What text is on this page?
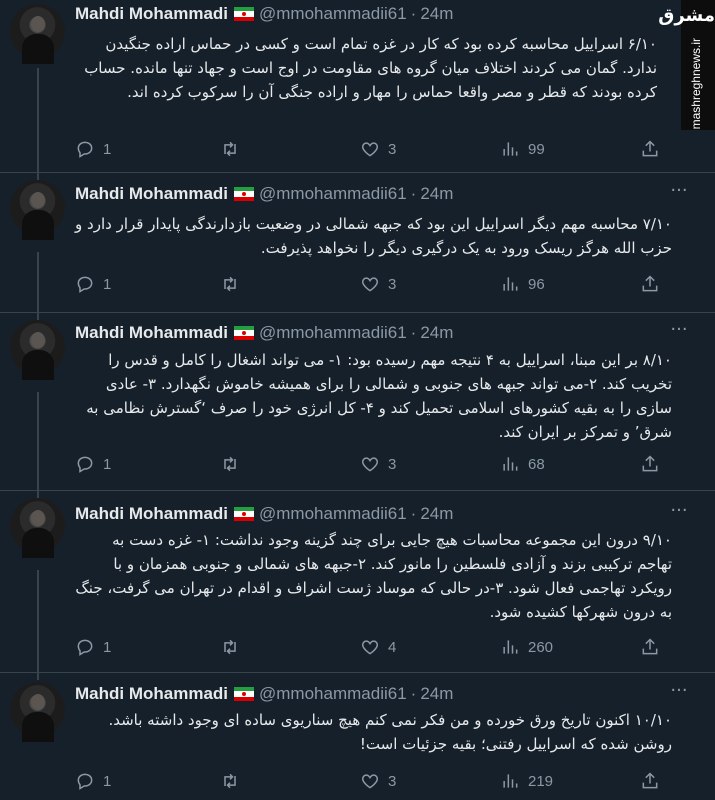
Mahdi Mohammadi @mmohammadii61 · 24m
۶/۱۰ اسراییل محاسبه کرده بود که کار در غزه تمام است و کسی در حماس اراده جنگیدن ندارد. گمان می کردند اختلاف میان گروه های مقاومت در اوج است و جهاد تنها مانده. حساب کرده بودند که قطر و مصر واقعا حماس را مهار و اراده جنگی آن را سرکوب کرده اند.
1	3	99
Mahdi Mohammadi @mmohammadii61 · 24m	···
۷/۱۰ محاسبه مهم دیگر اسراییل این بود که جبهه شمالی در وضعیت بازدارندگی پایدار قرار دارد و حزب الله هرگز ریسک ورود به یک درگیری دیگر را نخواهد پذیرفت.
1	3	96
Mahdi Mohammadi @mmohammadii61 · 24m	···
۸/۱۰ بر این مبنا، اسراییل به ۴ نتیجه مهم رسیده بود: ۱- می تواند اشغال را کامل و قدس را تخریب کند. ۲-می تواند جبهه های جنوبی و شمالی را برای همیشه خاموش نگهدارد. ۳- عادی سازی را به بقیه کشورهای اسلامی تحمیل کند و ۴- کل انرژی خود را صرف ‘گسترش نظامی به شرق’ و تمرکز بر ایران کند.
1	3	68
Mahdi Mohammadi @mmohammadii61 · 24m	···
۹/۱۰ درون این مجموعه محاسبات هیچ جایی برای چند گزینه وجود نداشت: ۱- غزه دست به تهاجم ترکیبی بزند و آزادی فلسطین را مانور کند. ۲-جبهه های شمالی و جنوبی همزمان و با رویکرد تهاجمی فعال شود. ۳-در حالی که موساد ژست اشراف و اقدام در تهران می گرفت، جنگ به درون شهرکها کشیده شود.
1	4	260
Mahdi Mohammadi @mmohammadii61 · 24m	···
۱۰/۱۰ اکنون تاریخ ورق خورده و من فکر نمی کنم هیچ سناریوی ساده ای وجود داشته باشد. روشن شده که اسراییل رفتنی؛ بقیه جزئیات است!
1	3	219
مشرق
mashreghnews.ir
